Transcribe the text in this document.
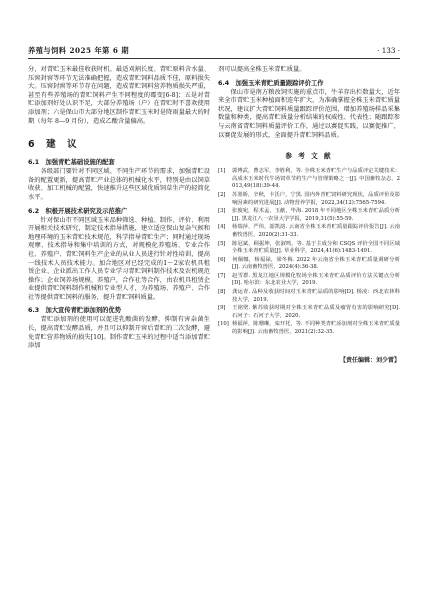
养殖与饲料 2025 年第 6 期	· 133 ·

分，对青贮玉米最佳收获时机、最适刈割长度、青贮原料含水量、压窖封窖等环节无法准确把握，造成青贮饲料品质不佳，原料损失大。压窖封窖等环节存在问题，造成青贮饲料营养物质损失严重，甚至有些养殖场的青贮饲料产生不同程度的霉变[6-8]；五是对青贮添加剂好处认识不足，大部分养殖场（户）在青贮时不喜欢使用添加剂；六是保山市大部分地区制作青贮玉米时是降雨量最大的时期（每年 8—9 月份），造成乙酸含量偏高。

6　建　议
6.1　加强青贮基础设施的配套

各级部门要针对不同区域、不同生产环节的需求，加强青贮设备的配置更新，提高青贮产业总体的机械化水平，特别是由以饲草收获、加工机械的配置，快速推升这些区域优质饲草生产的轻简化水平。

6.2　积极开展技术研究及示范推广

针对保山市不同区域玉米品种筛选、种植、制作、评价、利用开展相关技术研究，制定技术指导措施，建立适应保山复杂气候和地理环境的玉米青贮技术规范，科学指导青贮生产；同时通过现场观摩、技术指导和集中培训的方式，对规模化养殖场、专业合作社、养殖户、青贮饲料生产企业的从业人员进行针对性培训，提高一线技术人员技术能力。加合地区对已经完成的1～2家农机具租赁企业、企业派出工作人员专业学习青贮饲料制作技术及农机规范操作；企业饲养场规模、养殖户，合作社等合作，由农机具租赁企业提供青贮饲料制作机械和专业型人才，为养殖场、养殖户、合作社等提供青贮饲料的服务，提升青贮饲料质量。

6.3　加大宣传青贮添加剂的优势

青贮添加剂的使用可以促进乳酸菌的发酵，抑制有害杂菌生长，提高青贮发酵品质，并且可以抑制开窖后青贮的二次发酵，避免青贮营养物质的损失[10]。制作青贮玉米的过程中适当添加青贮添加

剂可以提高全株玉米青贮质量。

6.4　加强玉米青贮质量跟踪评价工作

保山市是南方粮改饲实施的重点市，牛羊存出栏数量大，近年来全市青贮玉米种植面积连年扩大，为准确掌握全株玉米青贮质量状况，建议扩大青贮饲料质量跟踪评价范围，增加养殖场样品采集数量和种类，提高青贮质量分析结果的权威性、代表性；随跟踪参与云南省青贮饲料质量评价工作，通过以赛促实践，以赛促推广，以赛促发展的形式，全面提升青贮饲料品质。

参 考 文 献
[1] 郭博武，曹志军，李胜利，等. 全株玉米青贮生产与品质评定关键技术：高成本玉米时代牛场饲草节约生产与管理策略之一[J]. 中国畜牧杂志，2013,49(18):39-44.
[2] 苏墨娇，辛秋，卡沃户，宁黑. 国内外青贮饲料研究现状，品质评价及影响因素的研究进展[J]. 动物营养学报，2022,34(12):7565-7594.
[3] 张俊宛，程术孟，玉献，毕海. 2018 年不同地区全株玉米青贮品质分析[J]. 黑龙江八一农垦大学学报，2019,31(5):55-59.
[4] 杨瑞萍，严伟，韶凯韵. 云南省全株玉米青贮质量跟踪评价报告[J]. 云南畜牧兽医，2020(2):31-33.
[5] 陈冠斌，顾振坤，张淑鸣，等. 基于主成分和 CSQS 评价全国不同区域全株玉米青贮质量[J]. 草业科学，2024,41(6):1483-1491.
[6] 何佩娜，杨福禄，梁冬梅. 2022 年云南省全株玉米青贮质量调研分析[J]. 云南畜牧兽医，2024(4):36-38.
[7] 赵雪群. 黑龙江地区规模化牧场全株玉米青贮品质评价方法关键点分析[D]. 哈尔滨：东北农业大学，2019.
[8] 龚运青. 品种及收获时间对玉米青贮品质的影响[D]. 杨凌：西北农林科技大学，2019.
[9] 王铭壁. 紫苏收获时期对全株玉米青贮品质及瘤胃有害的影响研究[D]. 石河子：石河子大学，2020.
[10] 杨福萍，陈珊琳，栾开托，等. 不同种类青贮添加剂对全株玉米青贮质量的影响[J]. 云南畜牧兽医，2021(2):32-35.
【责任编辑：刘少雷】
